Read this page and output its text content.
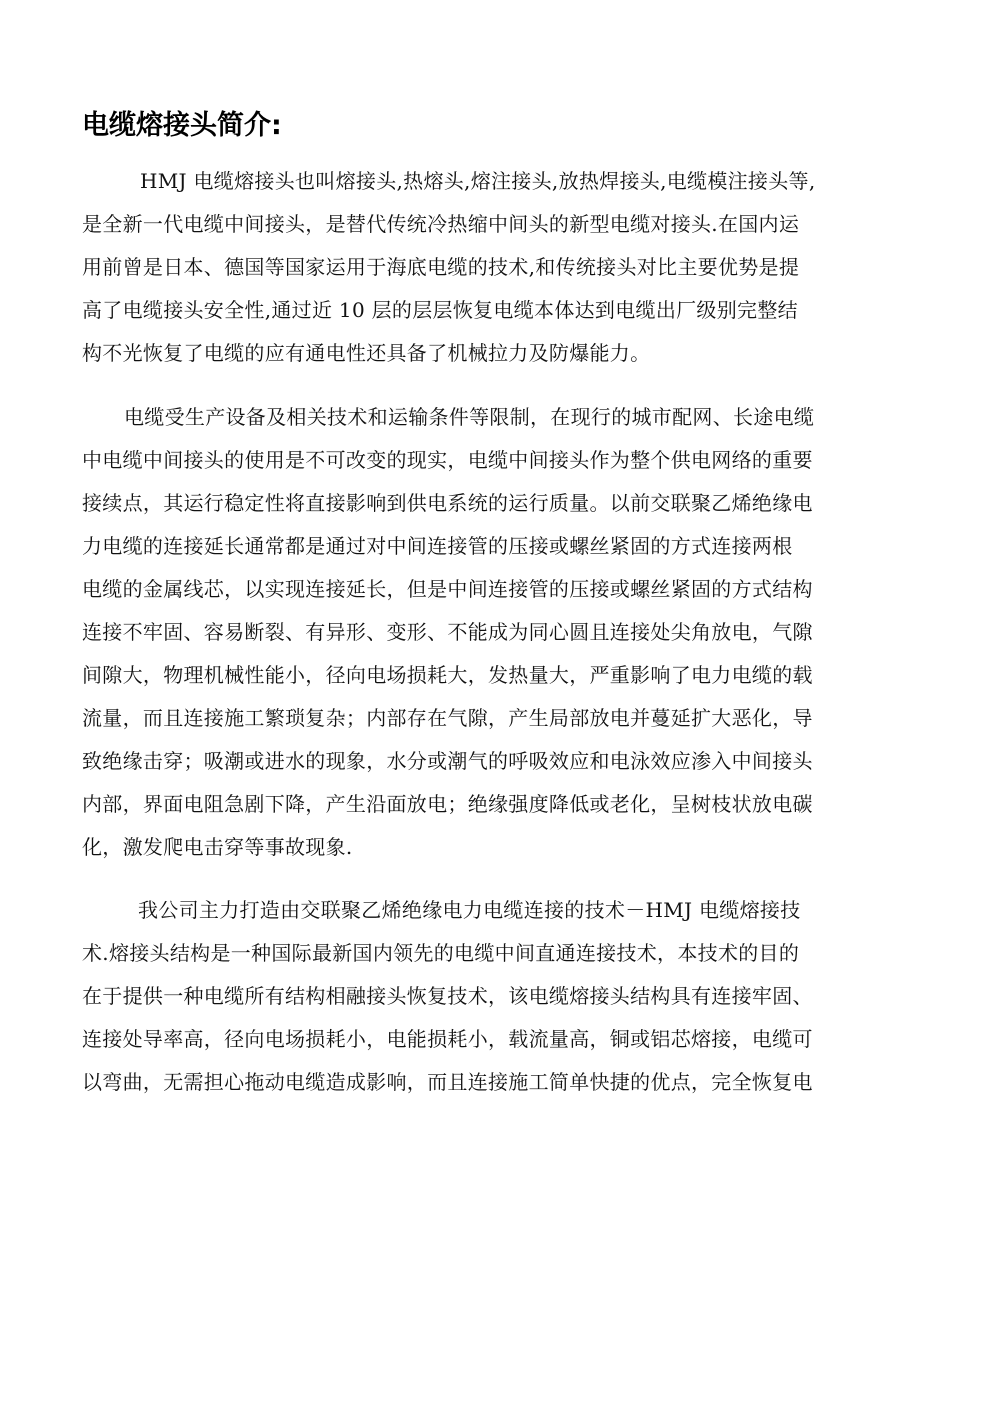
电缆熔接头简介:

HMJ 电缆熔接头也叫熔接头,热熔头,熔注接头,放热焊接头,电缆模注接头等,
是全新一代电缆中间接头，是替代传统冷热缩中间头的新型电缆对接头.在国内运
用前曾是日本、德国等国家运用于海底电缆的技术,和传统接头对比主要优势是提
高了电缆接头安全性,通过近 10 层的层层恢复电缆本体达到电缆出厂级别完整结
构不光恢复了电缆的应有通电性还具备了机械拉力及防爆能力。

电缆受生产设备及相关技术和运输条件等限制，在现行的城市配网、长途电缆
中电缆中间接头的使用是不可改变的现实，电缆中间接头作为整个供电网络的重要
接续点，其运行稳定性将直接影响到供电系统的运行质量。以前交联聚乙烯绝缘电
力电缆的连接延长通常都是通过对中间连接管的压接或螺丝紧固的方式连接两根
电缆的金属线芯，以实现连接延长，但是中间连接管的压接或螺丝紧固的方式结构
连接不牢固、容易断裂、有异形、变形、不能成为同心圆且连接处尖角放电，气隙
间隙大，物理机械性能小，径向电场损耗大，发热量大，严重影响了电力电缆的载
流量，而且连接施工繁琐复杂；内部存在气隙，产生局部放电并蔓延扩大恶化，导
致绝缘击穿；吸潮或进水的现象，水分或潮气的呼吸效应和电泳效应渗入中间接头
内部，界面电阻急剧下降，产生沿面放电；绝缘强度降低或老化，呈树枝状放电碳
化，激发爬电击穿等事故现象.

我公司主力打造由交联聚乙烯绝缘电力电缆连接的技术－HMJ 电缆熔接技
术.熔接头结构是一种国际最新国内领先的电缆中间直通连接技术，本技术的目的
在于提供一种电缆所有结构相融接头恢复技术，该电缆熔接头结构具有连接牢固、
连接处导率高，径向电场损耗小，电能损耗小，载流量高，铜或铝芯熔接，电缆可
以弯曲，无需担心拖动电缆造成影响，而且连接施工简单快捷的优点，完全恢复电
